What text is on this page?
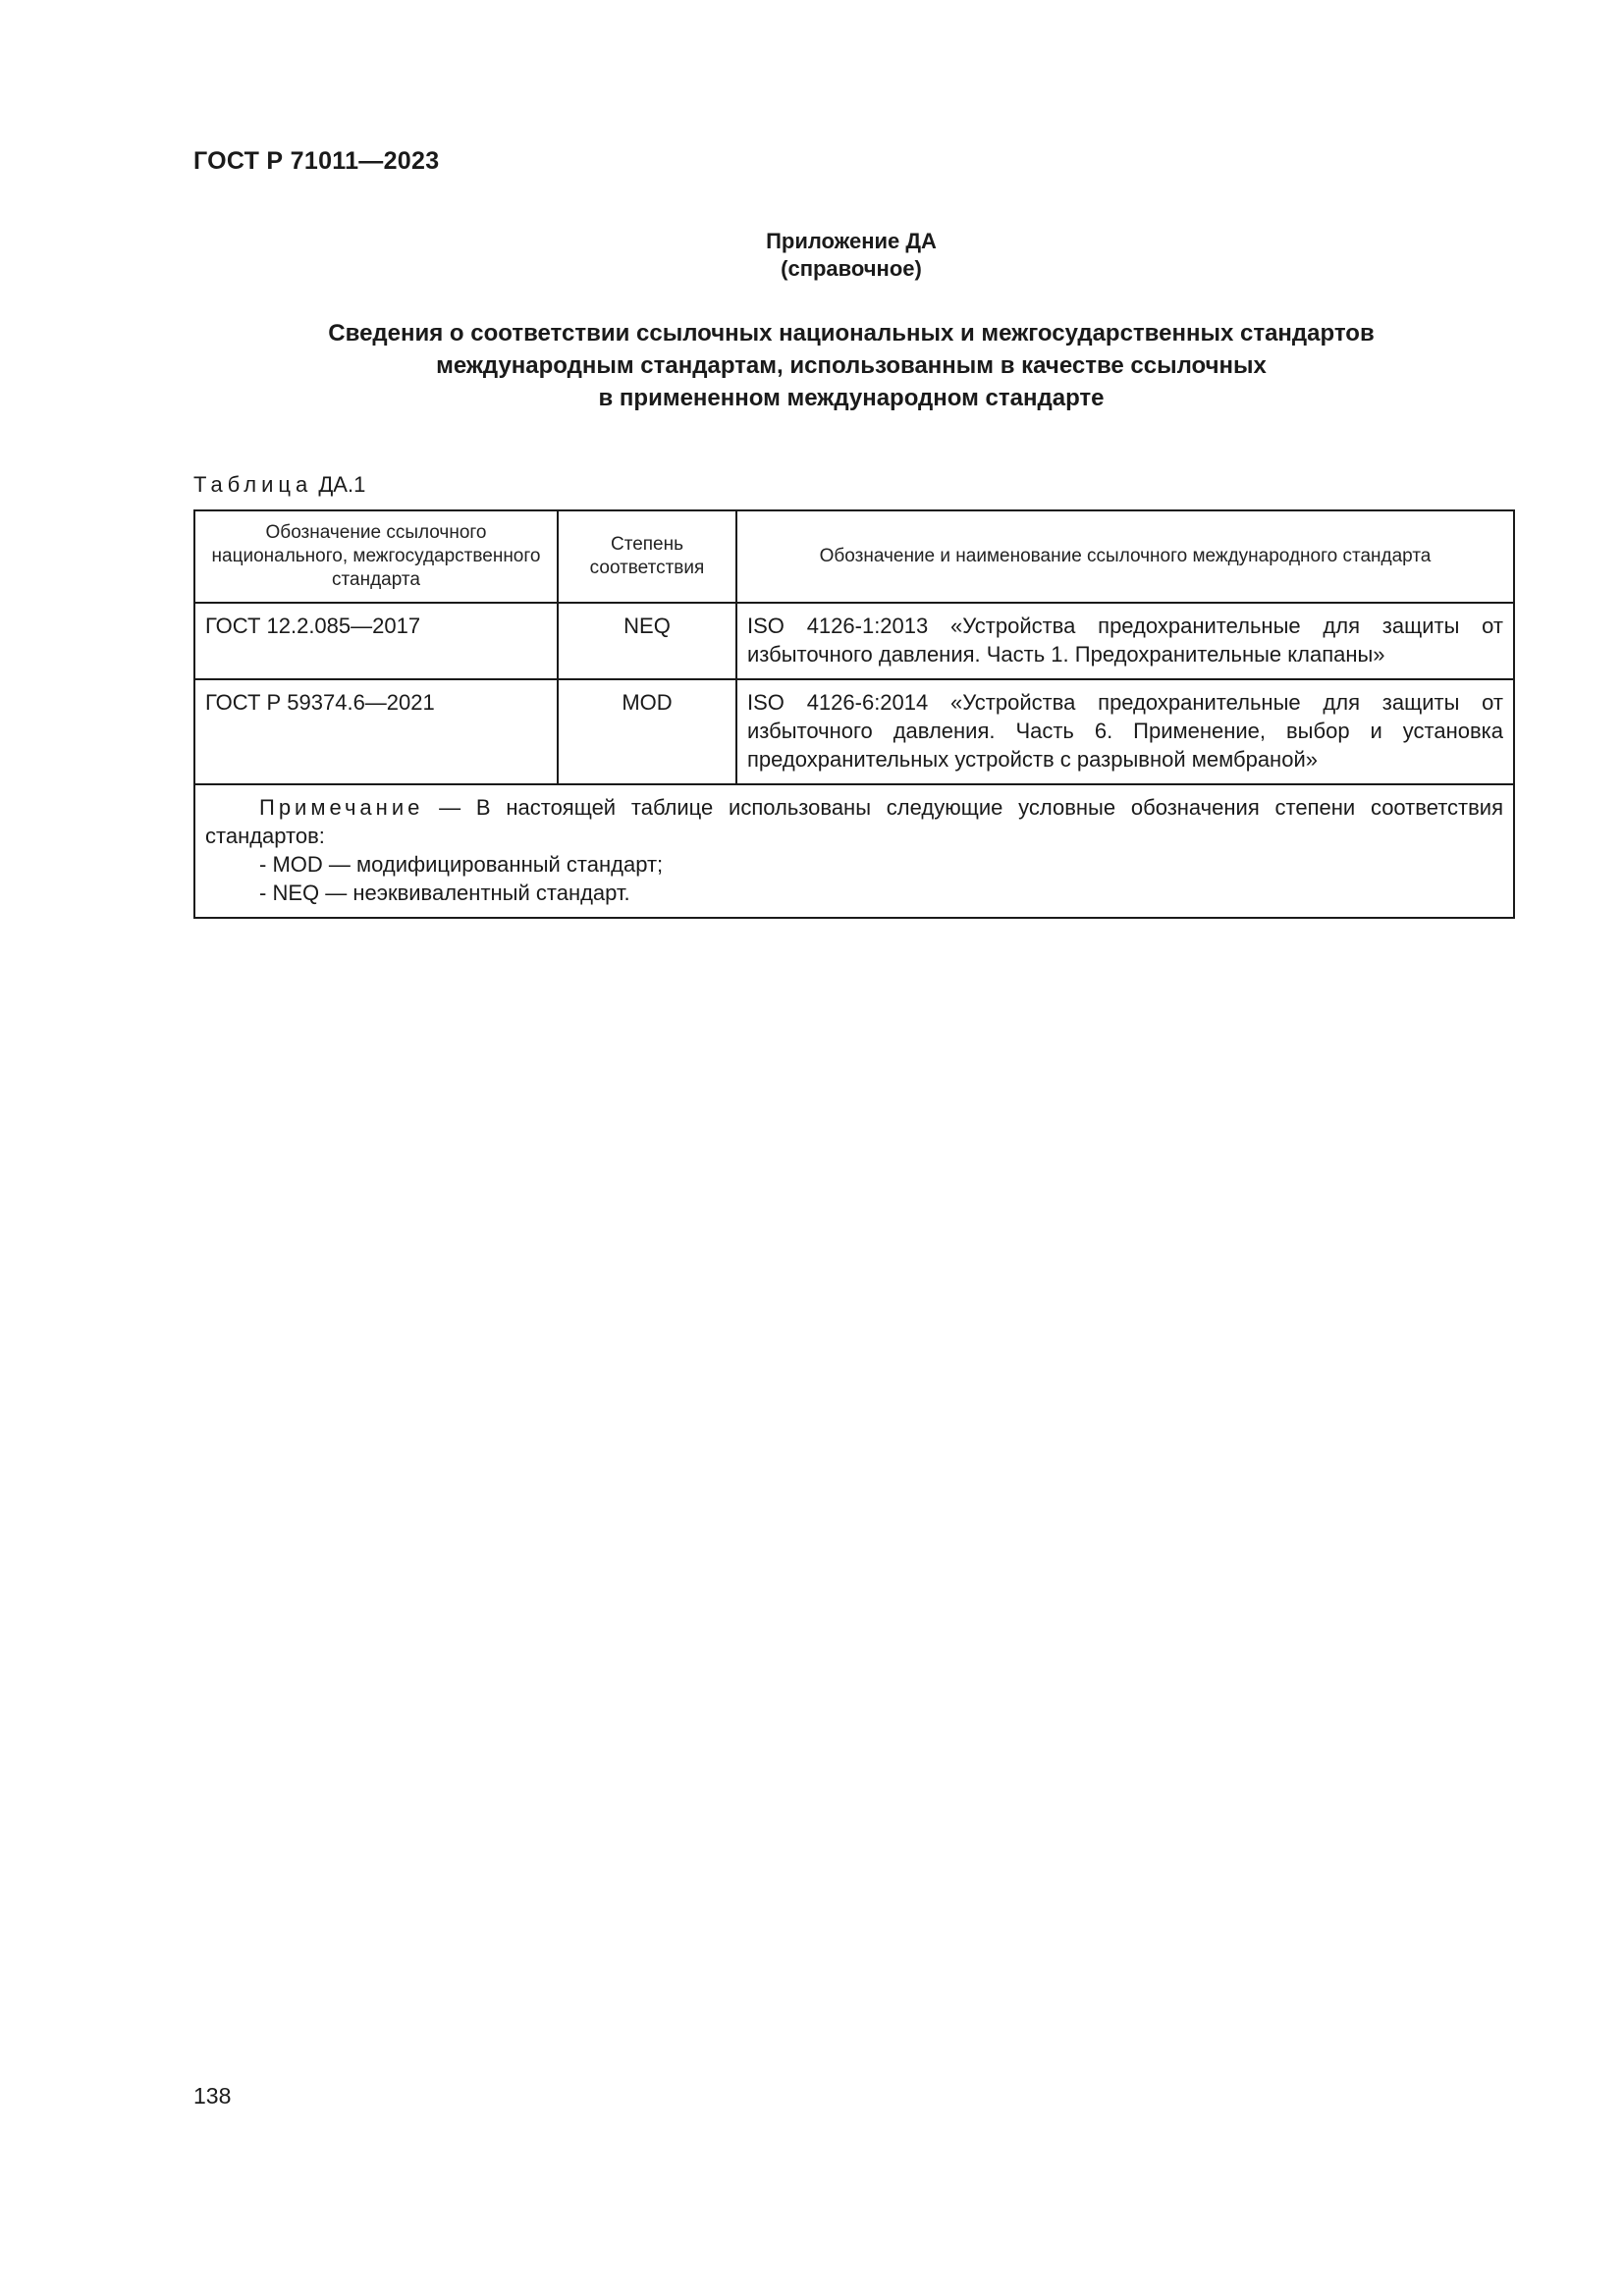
ГОСТ Р 71011—2023
Приложение ДА
(справочное)
Сведения о соответствии ссылочных национальных и межгосударственных стандартов
международным стандартам, использованным в качестве ссылочных
в примененном международном стандарте
Таблица ДА.1
Обозначение ссылочного национального, межгосударственного стандарта	Степень соответствия	Обозначение и наименование ссылочного международного стандарта
ГОСТ 12.2.085—2017	NEQ	ISO 4126-1:2013 «Устройства предохранительные для защиты от избыточного давления. Часть 1. Предохранительные клапаны»
ГОСТ Р 59374.6—2021	MOD	ISO 4126-6:2014 «Устройства предохранительные для защиты от избыточного давления. Часть 6. Применение, выбор и установка предохранительных устройств с разрывной мембраной»

Примечание — В настоящей таблице использованы следующие условные обозначения степени соответствия стандартов:
- MOD — модифицированный стандарт;
- NEQ — неэквивалентный стандарт.		
138
